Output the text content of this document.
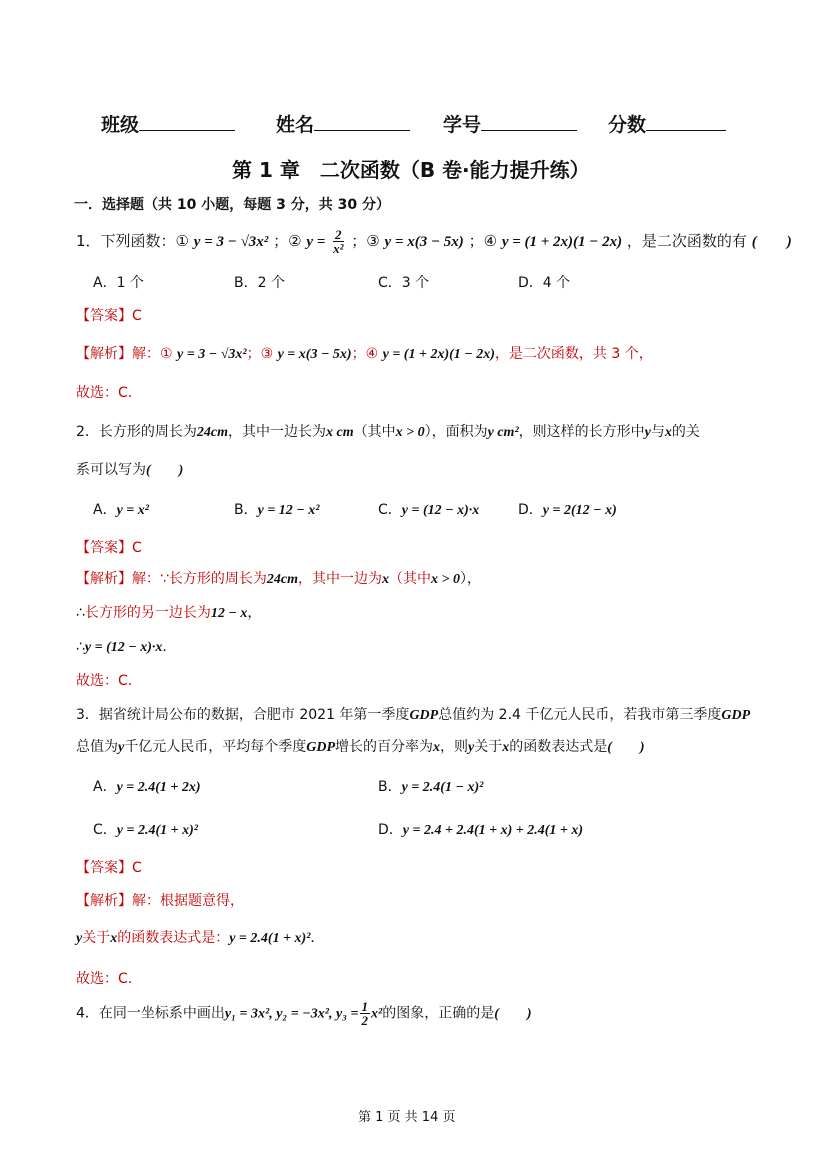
班级	姓名	学号	分数
第 1 章　二次函数（B 卷·能力提升练）
一．选择题（共 10 小题，每题 3 分，共 30 分）
1．下列函数：① y = 3 − √3x² ；② $y = \frac{2}{\text{x²}}$ ；③ y = x(3 − 5x) ；④ y = (1 + 2x)(1 − 2x) ，是二次函数的有 (　　)
A．1 个	B．2 个	C．3 个	D．4 个
【答案】C
【解析】解：① y = 3 − √3x²；③ y = x(3 − 5x)；④ y = (1 + 2x)(1 − 2x)，是二次函数，共 3 个，
故选：C．
2．长方形的周长为24cm，其中一边长为x cm（其中x > 0），面积为y cm²，则这样的长方形中y与x的关
系可以写为(　　)
A．y = x²	B．y = 12 − x²	C．y = (12 − x)·x	D．y = 2(12 − x)
【答案】C
【解析】解：∵长方形的周长为24cm，其中一边为x（其中x > 0），
∴长方形的另一边长为12 − x，
∴y = (12 − x)·x．
故选：C．
3．据省统计局公布的数据，合肥市 2021 年第一季度GDP总值约为 2.4 千亿元人民币，若我市第三季度GDP
总值为y千亿元人民币，平均每个季度GDP增长的百分率为x，则y关于x的函数表达式是(　　)
A．y = 2.4(1 + 2x)	B．y = 2.4(1 − x)²
C．y = 2.4(1 + x)²	D．y = 2.4 + 2.4(1 + x) + 2.4(1 + x)
【答案】C
【解析】解：根据题意得，
y关于x的函数表达式是：y = 2.4(1 + x)²．
故选：C．
4．在同一坐标系中画出y₁ = 3x², y₂ = −3x², $y_3 = \frac{1}{2} x^2$的图象，正确的是(　　)
第 1 页 共 14 页
